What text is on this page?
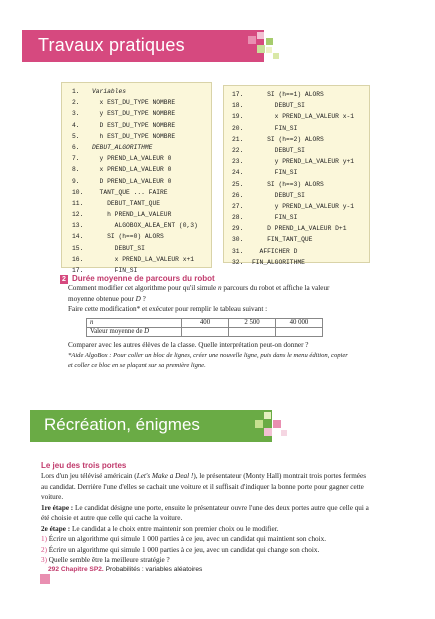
Travaux pratiques
1. Variables
2.  x EST_DU_TYPE NOMBRE
3.  y EST_DU_TYPE NOMBRE
4.  D EST_DU_TYPE NOMBRE
5.  h EST_DU_TYPE NOMBRE
6. DEBUT_ALGORITHME
7.  y PREND_LA_VALEUR 0
8.  x PREND_LA_VALEUR 0
9.  D PREND_LA_VALEUR 0
10.  TANT_QUE ... FAIRE
11.    DEBUT_TANT_QUE
12.    h PREND_LA_VALEUR
13.      ALGOBOX_ALEA_ENT (0,3)
14.    SI (h==0) ALORS
15.      DEBUT_SI
16.      x PREND_LA_VALEUR x+1
17.      FIN_SI
17.    SI (h==1) ALORS
18.      DEBUT_SI
19.      x PREND_LA_VALEUR x-1
20.      FIN_SI
21.    SI (h==2) ALORS
22.      DEBUT_SI
23.      y PREND_LA_VALEUR y+1
24.      FIN_SI
25.    SI (h==3) ALORS
26.      DEBUT_SI
27.      y PREND_LA_VALEUR y-1
28.      FIN_SI
29.    D PREND_LA_VALEUR D+1
30.    FIN_TANT_QUE
31.  AFFICHER D
32. FIN_ALGORITHME
2 Durée moyenne de parcours du robot
Comment modifier cet algorithme pour qu'il simule n parcours du robot et affiche la valeur
moyenne obtenue pour D ?
Faire cette modification* et exécuter pour remplir le tableau suivant :
n	400	2 500	40 000
Valeur moyenne de D			
Comparer avec les autres élèves de la classe. Quelle interprétation peut-on donner ?
*Aide AlgoBox : Pour coller un bloc de lignes, créer une nouvelle ligne, puis dans le menu édition, copier
et coller ce bloc en se plaçant sur sa première ligne.
Récréation, énigmes
Le jeu des trois portes
Lors d'un jeu télévisé américain (Let's Make a Deal !), le présentateur (Monty Hall) montrait trois portes fermées
au candidat. Derrière l'une d'elles se cachait une voiture et il suffisait d'indiquer la bonne porte pour gagner cette
voiture.
1re étape : Le candidat désigne une porte, ensuite le présentateur ouvre l'une des deux portes autre que celle qui a
été choisie et autre que celle qui cache la voiture.
2e étape : Le candidat a le choix entre maintenir son premier choix ou le modifier.
1) Écrire un algorithme qui simule 1 000 parties à ce jeu, avec un candidat qui maintient son choix.
2) Écrire un algorithme qui simule 1 000 parties à ce jeu, avec un candidat qui change son choix.
3) Quelle semble être la meilleure stratégie ?
292 Chapitre SP2. Probabilités : variables aléatoires
